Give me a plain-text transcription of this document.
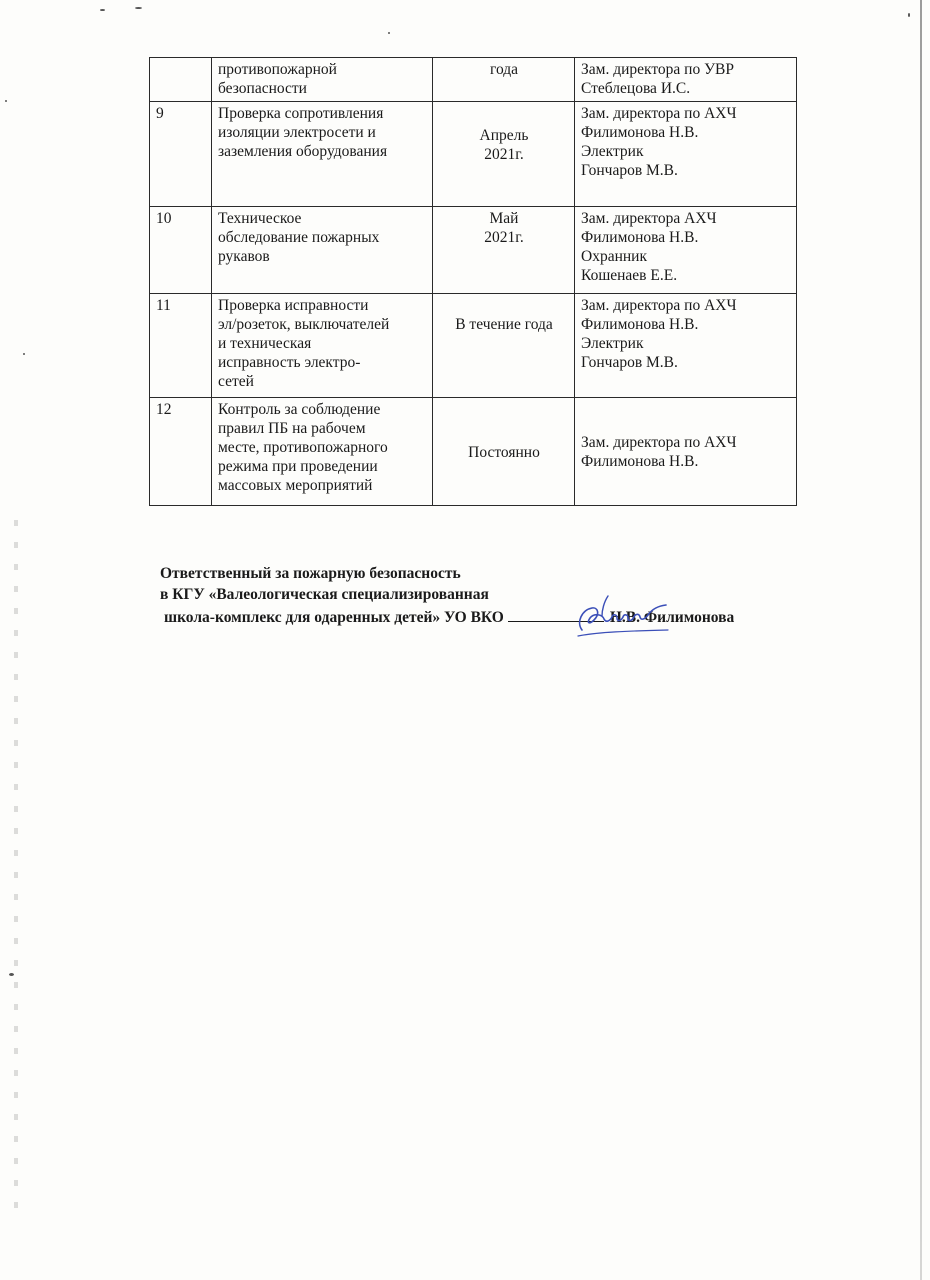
	противопожарной
безопасности	года	Зам. директора по УВР
Стеблецова И.С.

9	Проверка сопротивления
изоляции электросети и
заземления оборудования	Апрель
2021г.	Зам. директора по АХЧ
Филимонова Н.В.
Электрик
Гончаров М.В.

10	Техническое
обследование пожарных
рукавов	Май
2021г.	Зам. директора АХЧ
Филимонова Н.В.
Охранник
Кошенаев Е.Е.

11	Проверка исправности
эл/розеток, выключателей
и техническая
исправность электро-
сетей	В течение года	Зам. директора по АХЧ
Филимонова Н.В.
Электрик
Гончаров М.В.

12	Контроль за соблюдение
правил ПБ на рабочем
месте, противопожарного
режима при проведении
массовых мероприятий	Постоянно	Зам. директора по АХЧ
Филимонова Н.В.
Ответственный за пожарную безопасность
в КГУ «Валеологическая специализированная
школа-комплекс для одаренных детей» УО ВКО	Н.В. Филимонова
